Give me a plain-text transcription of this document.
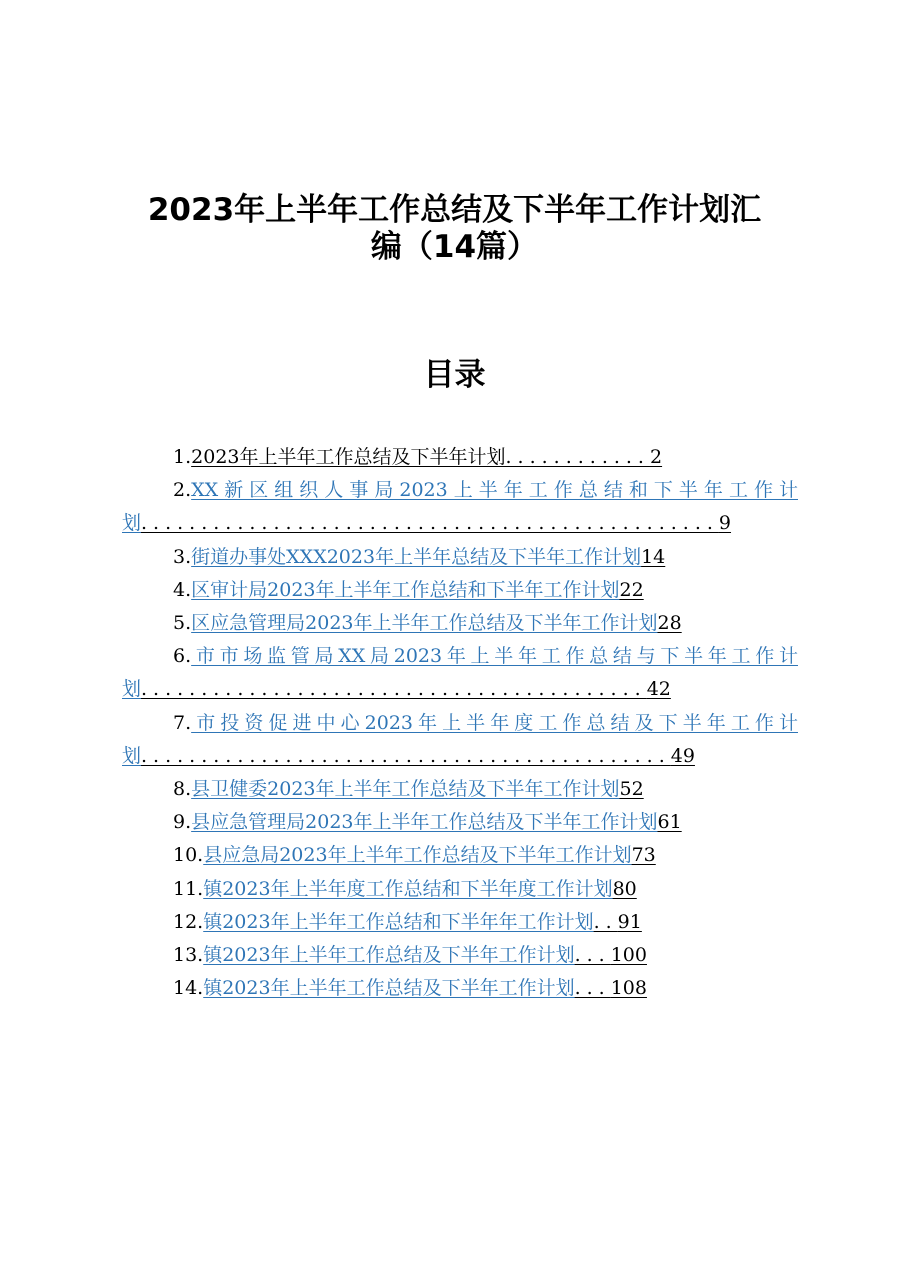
2023年上半年工作总结及下半年工作计划汇
编（14篇）
目录

1.2023年上半年工作总结及下半年计划............2

2.XX新区组织人事局2023上半年工作总结和下半年工作计划................................................9

3.街道办事处XXX2023年上半年总结及下半年工作计划14

4.区审计局2023年上半年工作总结和下半年工作计划22

5.区应急管理局2023年上半年工作总结及下半年工作计划28

6.市市场监管局XX局2023年上半年工作总结与下半年工作计划..........................................42

7.市投资促进中心2023年上半年度工作总结及下半年工作计划............................................49

8.县卫健委2023年上半年工作总结及下半年工作计划52

9.县应急管理局2023年上半年工作总结及下半年工作计划61

10.县应急局2023年上半年工作总结及下半年工作计划73

11.镇2023年上半年度工作总结和下半年度工作计划80

12.镇2023年上半年工作总结和下半年年工作计划..91

13.镇2023年上半年工作总结及下半年工作计划...100

14.镇2023年上半年工作总结及下半年工作计划...108
